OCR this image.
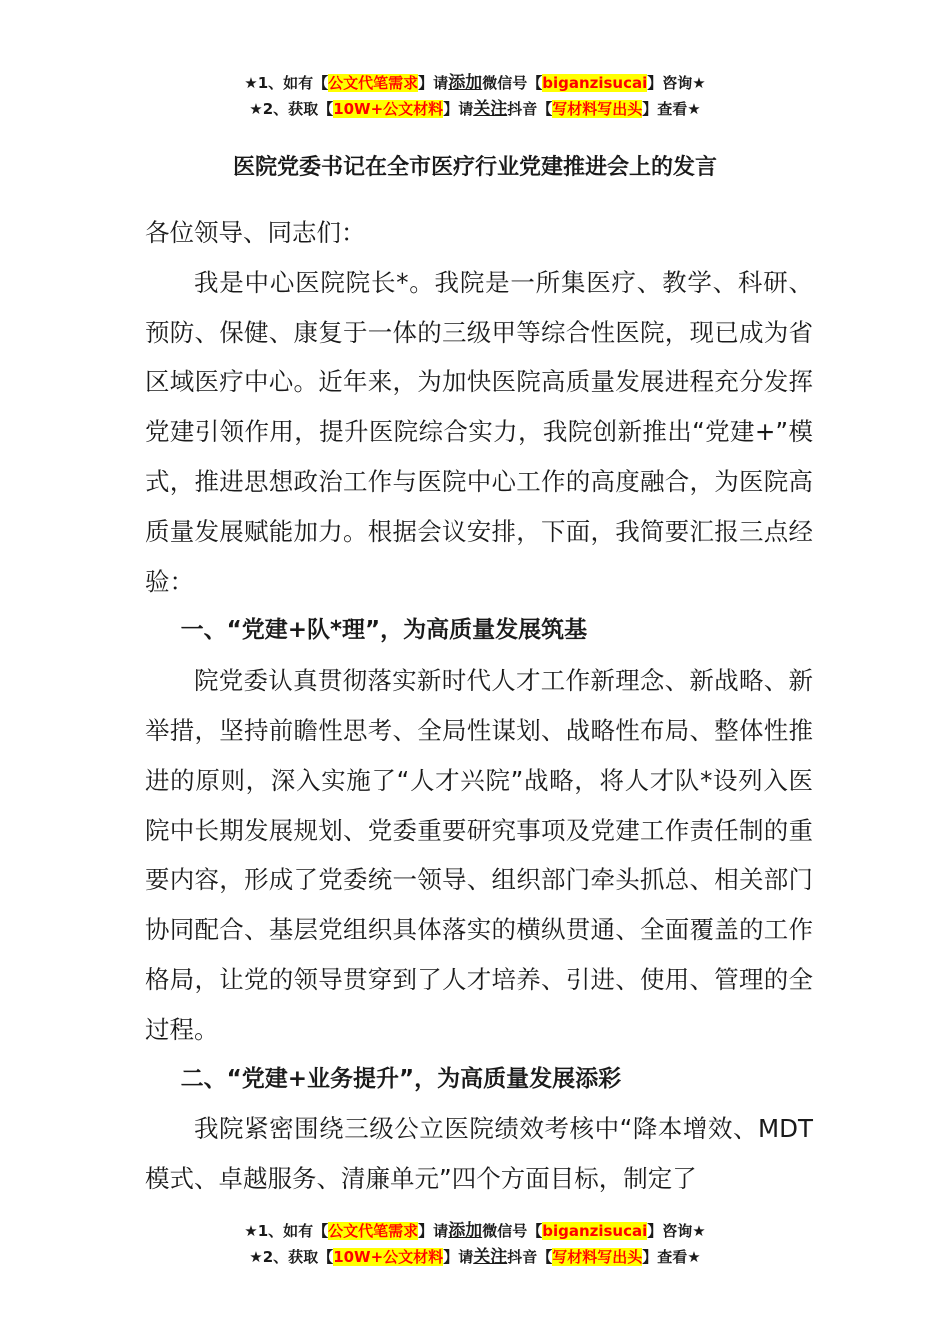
★1、如有【公文代笔需求】请添加微信号【biganzisucai】咨询★
★2、获取【10W+公文材料】请关注抖音【写材料写出头】查看★
医院党委书记在全市医疗行业党建推进会上的发言

各位领导、同志们：

我是中心医院院长*。我院是一所集医疗、教学、科研、预防、保健、康复于一体的三级甲等综合性医院，现已成为省区域医疗中心。近年来，为加快医院高质量发展进程充分发挥党建引领作用，提升医院综合实力，我院创新推出“党建+”模式，推进思想政治工作与医院中心工作的高度融合，为医院高质量发展赋能加力。根据会议安排，下面，我简要汇报三点经验：

一、“党建+队*理”，为高质量发展筑基

院党委认真贯彻落实新时代人才工作新理念、新战略、新举措，坚持前瞻性思考、全局性谋划、战略性布局、整体性推进的原则，深入实施了“人才兴院”战略，将人才队*设列入医院中长期发展规划、党委重要研究事项及党建工作责任制的重要内容，形成了党委统一领导、组织部门牵头抓总、相关部门协同配合、基层党组织具体落实的横纵贯通、全面覆盖的工作格局，让党的领导贯穿到了人才培养、引进、使用、管理的全过程。

二、“党建+业务提升”，为高质量发展添彩

我院紧密围绕三级公立医院绩效考核中“降本增效、MDT模式、卓越服务、清廉单元”四个方面目标，制定了

★1、如有【公文代笔需求】请添加微信号【biganzisucai】咨询★
★2、获取【10W+公文材料】请关注抖音【写材料写出头】查看★
